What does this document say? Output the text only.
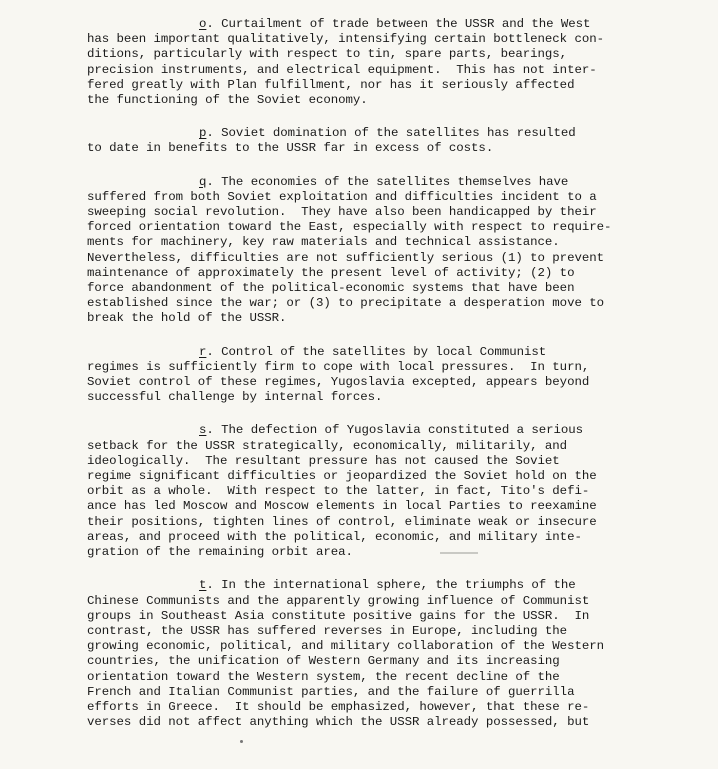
o. Curtailment of trade between the USSR and the West
has been important qualitatively, intensifying certain bottleneck con-
ditions, particularly with respect to tin, spare parts, bearings,
precision instruments, and electrical equipment.  This has not inter-
fered greatly with Plan fulfillment, nor has it seriously affected
the functioning of the Soviet economy.
p. Soviet domination of the satellites has resulted
to date in benefits to the USSR far in excess of costs.
q. The economies of the satellites themselves have
suffered from both Soviet exploitation and difficulties incident to a
sweeping social revolution.  They have also been handicapped by their
forced orientation toward the East, especially with respect to require-
ments for machinery, key raw materials and technical assistance.
Nevertheless, difficulties are not sufficiently serious (1) to prevent
maintenance of approximately the present level of activity; (2) to
force abandonment of the political-economic systems that have been
established since the war; or (3) to precipitate a desperation move to
break the hold of the USSR.
r. Control of the satellites by local Communist
regimes is sufficiently firm to cope with local pressures.  In turn,
Soviet control of these regimes, Yugoslavia excepted, appears beyond
successful challenge by internal forces.
s. The defection of Yugoslavia constituted a serious
setback for the USSR strategically, economically, militarily, and
ideologically.  The resultant pressure has not caused the Soviet
regime significant difficulties or jeopardized the Soviet hold on the
orbit as a whole.  With respect to the latter, in fact, Tito's defi-
ance has led Moscow and Moscow elements in local Parties to reexamine
their positions, tighten lines of control, eliminate weak or insecure
areas, and proceed with the political, economic, and military inte-
gration of the remaining orbit area.
t. In the international sphere, the triumphs of the
Chinese Communists and the apparently growing influence of Communist
groups in Southeast Asia constitute positive gains for the USSR.  In
contrast, the USSR has suffered reverses in Europe, including the
growing economic, political, and military collaboration of the Western
countries, the unification of Western Germany and its increasing
orientation toward the Western system, the recent decline of the
French and Italian Communist parties, and the failure of guerrilla
efforts in Greece.  It should be emphasized, however, that these re-
verses did not affect anything which the USSR already possessed, but
